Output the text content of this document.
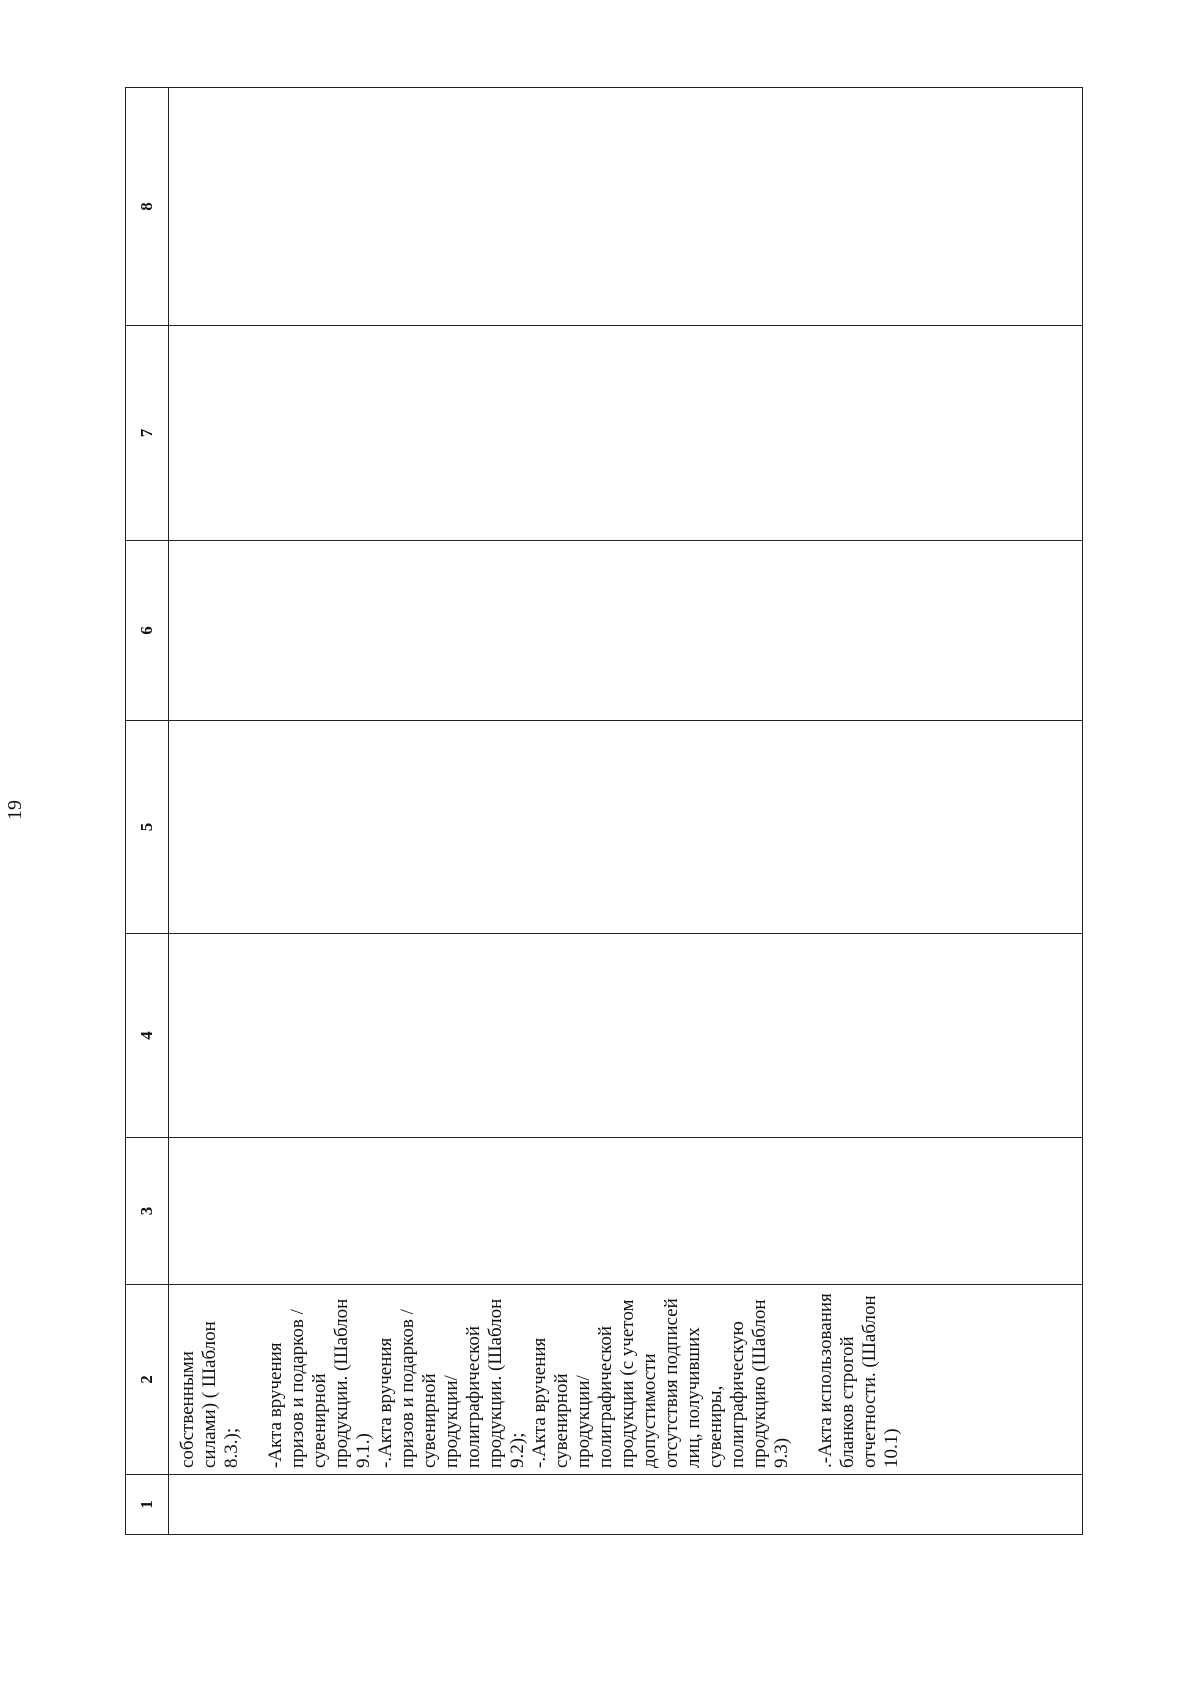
19
1	2	3	4	5	6	7	8

	собственными силами) ( Шаблон 8.3.); -Акта вручения призов и подарков / сувенирной продукции. (Шаблон 9.1.) -.Акта вручения призов и подарков / сувенирной продукции/ полиграфической продукции. (Шаблон 9.2); -.Акта вручения сувенирной продукции/ полиграфической продукции (с учетом допустимости отсутствия подписей лиц, получивших сувениры, полиграфическую продукцию (Шаблон 9.3) .-Акта использования бланков строгой отчетности. (Шаблон 10.1)						
